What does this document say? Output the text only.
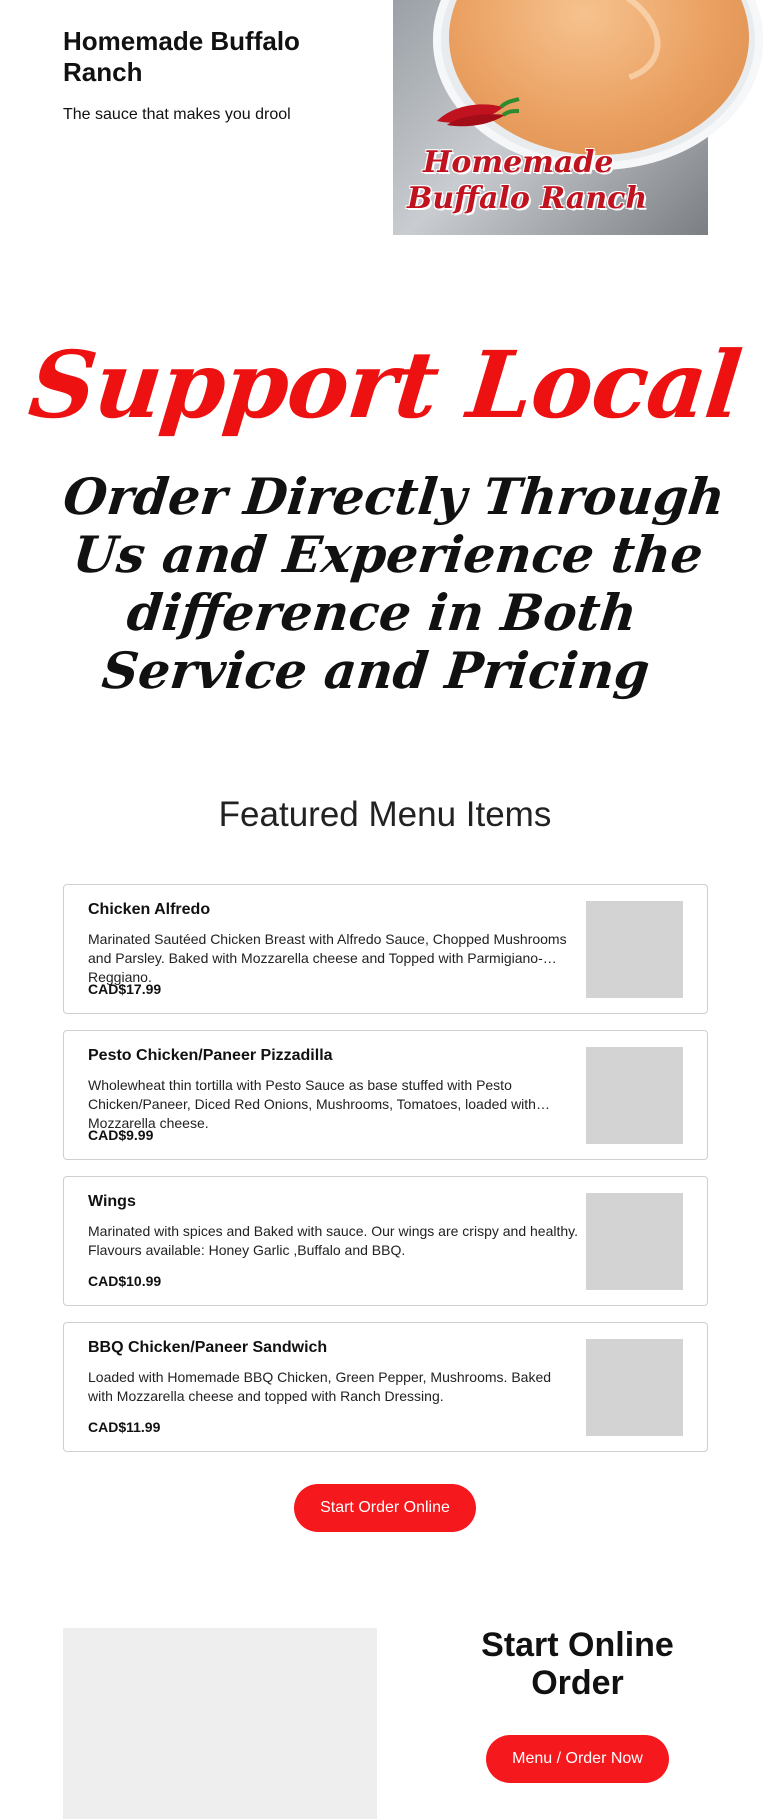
Homemade Buffalo Ranch

The sauce that makes you drool

Homemade
Buffalo Ranch
Support Local
Order Directly Through Us and Experience the difference in Both Service and Pricing
Featured Menu Items
Chicken Alfredo
Marinated Sautéed Chicken Breast with Alfredo Sauce, Chopped Mushrooms and Parsley. Baked with Mozzarella cheese and Topped with Parmigiano-Reggiano.
CAD$17.99
Pesto Chicken/Paneer Pizzadilla
Wholewheat thin tortilla with Pesto Sauce as base stuffed with Pesto Chicken/Paneer, Diced Red Onions, Mushrooms, Tomatoes, loaded with Mozzarella cheese.
CAD$9.99
Wings
Marinated with spices and Baked with sauce. Our wings are crispy and healthy. Flavours available: Honey Garlic ,Buffalo and BBQ.
CAD$10.99
BBQ Chicken/Paneer Sandwich
Loaded with Homemade BBQ Chicken, Green Pepper, Mushrooms. Baked with Mozzarella cheese and topped with Ranch Dressing.
CAD$11.99
Start Order Online
Start Online Order
Menu / Order Now
